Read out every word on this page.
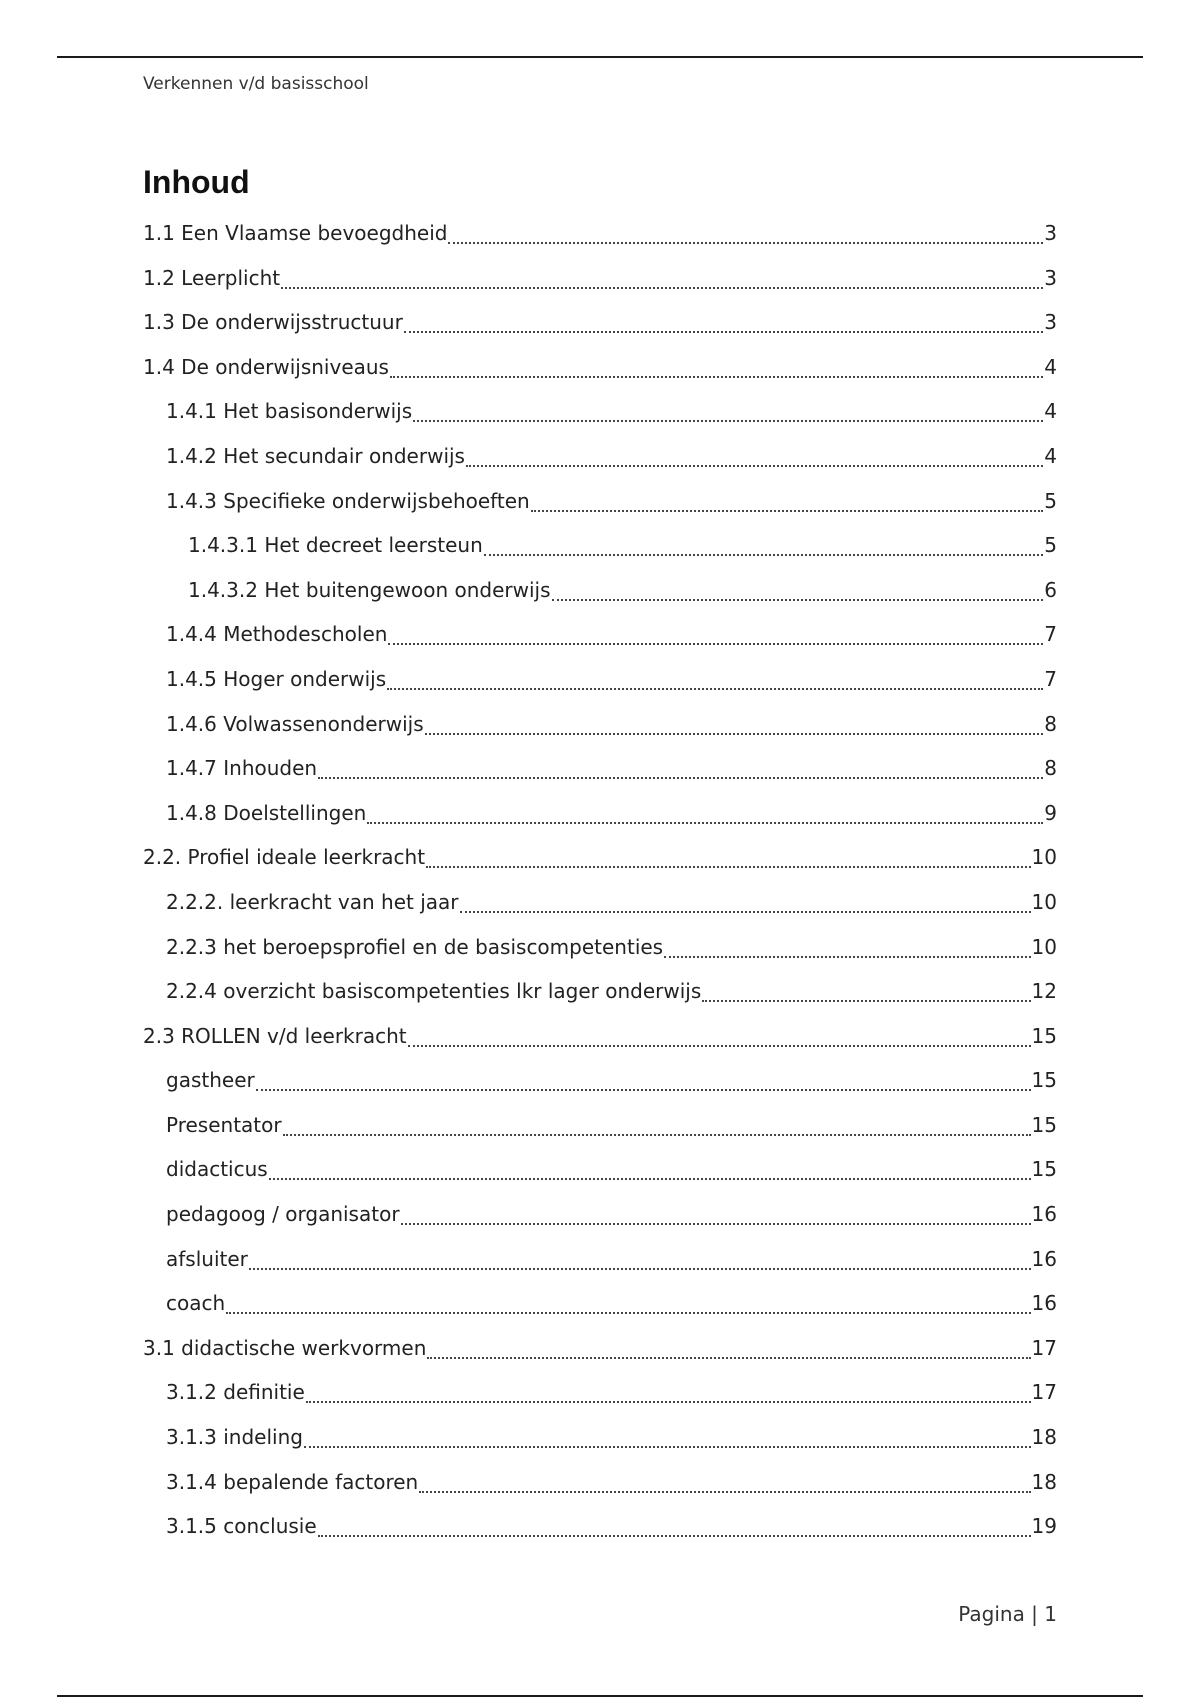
Verkennen v/d basisschool
Inhoud
1.1 Een Vlaamse bevoegdheid	3
1.2 Leerplicht	3
1.3 De onderwijsstructuur	3
1.4 De onderwijsniveaus	4
1.4.1 Het basisonderwijs	4
1.4.2 Het secundair onderwijs	4
1.4.3 Specifieke onderwijsbehoeften	5
1.4.3.1 Het decreet leersteun	5
1.4.3.2 Het buitengewoon onderwijs	6
1.4.4 Methodescholen	7
1.4.5 Hoger onderwijs	7
1.4.6 Volwassenonderwijs	8
1.4.7 Inhouden	8
1.4.8 Doelstellingen	9
2.2. Profiel ideale leerkracht	10
2.2.2. leerkracht van het jaar	10
2.2.3 het beroepsprofiel en de basiscompetenties	10
2.2.4 overzicht basiscompetenties lkr lager onderwijs	12
2.3 ROLLEN v/d leerkracht	15
gastheer	15
Presentator	15
didacticus	15
pedagoog / organisator	16
afsluiter	16
coach	16
3.1 didactische werkvormen	17
3.1.2 definitie	17
3.1.3 indeling	18
3.1.4 bepalende factoren	18
3.1.5 conclusie	19
Pagina | 1
